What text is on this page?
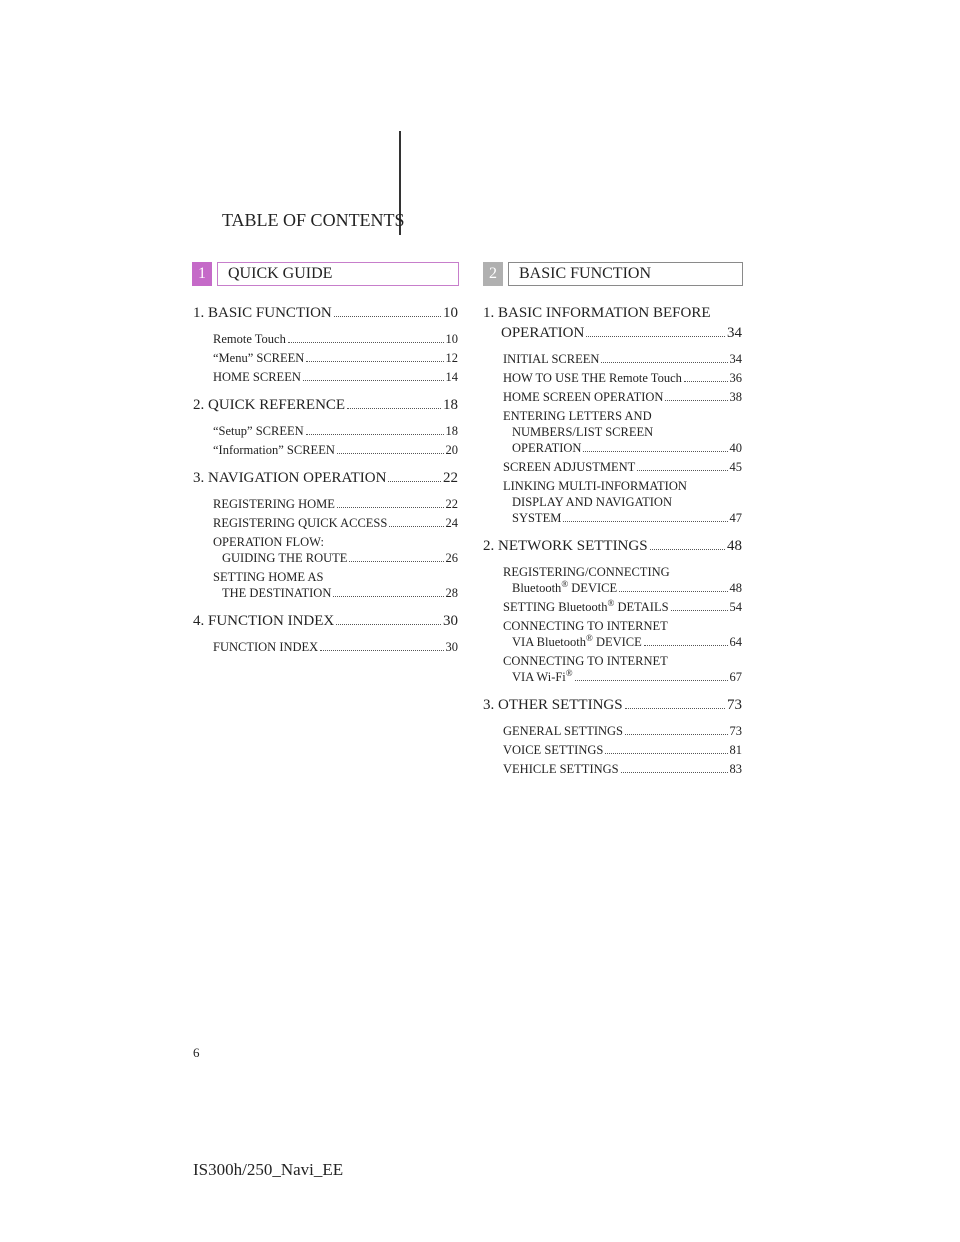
TABLE OF CONTENTS
1	QUICK GUIDE	2	BASIC FUNCTION
1. BASIC FUNCTION	10
Remote Touch	10
“Menu” SCREEN	12
HOME SCREEN	14
2. QUICK REFERENCE	18
“Setup” SCREEN	18
“Information” SCREEN	20
3. NAVIGATION OPERATION	22
REGISTERING HOME	22
REGISTERING QUICK ACCESS	24
OPERATION FLOW:
GUIDING THE ROUTE	26
SETTING HOME AS
THE DESTINATION	28
4. FUNCTION INDEX	30
FUNCTION INDEX	30
1. BASIC INFORMATION BEFORE
OPERATION	34
INITIAL SCREEN	34
HOW TO USE THE Remote Touch	36
HOME SCREEN OPERATION	38
ENTERING LETTERS AND
NUMBERS/LIST SCREEN
OPERATION	40
SCREEN ADJUSTMENT	45
LINKING MULTI-INFORMATION
DISPLAY AND NAVIGATION
SYSTEM	47
2. NETWORK SETTINGS	48
REGISTERING/CONNECTING
Bluetooth® DEVICE	48
SETTING Bluetooth® DETAILS	54
CONNECTING TO INTERNET
VIA Bluetooth® DEVICE	64
CONNECTING TO INTERNET
VIA Wi-Fi®	67
3. OTHER SETTINGS	73
GENERAL SETTINGS	73
VOICE SETTINGS	81
VEHICLE SETTINGS	83
6
IS300h/250_Navi_EE
